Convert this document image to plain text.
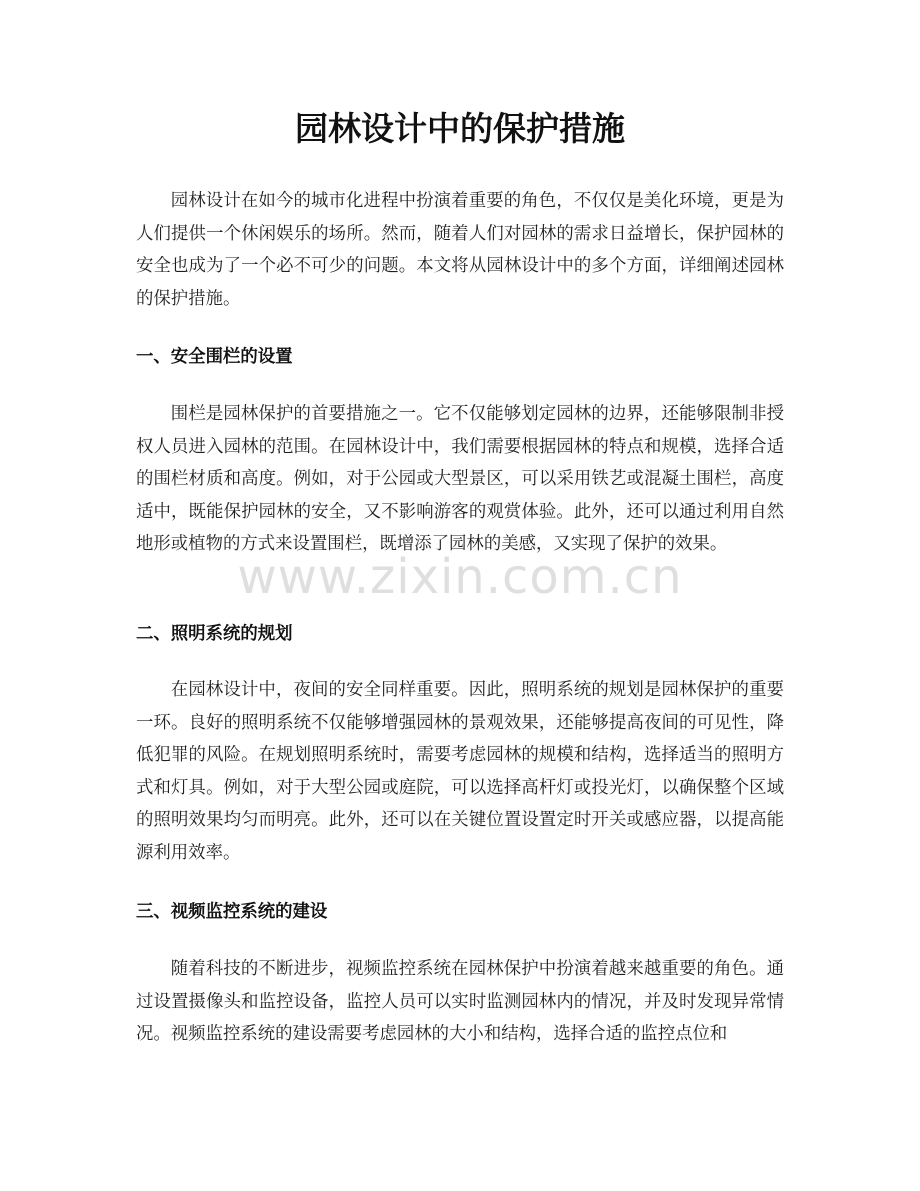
园林设计中的保护措施

园林设计在如今的城市化进程中扮演着重要的角色，不仅仅是美化环境，更是为人们提供一个休闲娱乐的场所。然而，随着人们对园林的需求日益增长，保护园林的安全也成为了一个必不可少的问题。本文将从园林设计中的多个方面，详细阐述园林的保护措施。

一、安全围栏的设置

围栏是园林保护的首要措施之一。它不仅能够划定园林的边界，还能够限制非授权人员进入园林的范围。在园林设计中，我们需要根据园林的特点和规模，选择合适的围栏材质和高度。例如，对于公园或大型景区，可以采用铁艺或混凝土围栏，高度适中，既能保护园林的安全，又不影响游客的观赏体验。此外，还可以通过利用自然地形或植物的方式来设置围栏，既增添了园林的美感，又实现了保护的效果。

二、照明系统的规划

在园林设计中，夜间的安全同样重要。因此，照明系统的规划是园林保护的重要一环。良好的照明系统不仅能够增强园林的景观效果，还能够提高夜间的可见性，降低犯罪的风险。在规划照明系统时，需要考虑园林的规模和结构，选择适当的照明方式和灯具。例如，对于大型公园或庭院，可以选择高杆灯或投光灯，以确保整个区域的照明效果均匀而明亮。此外，还可以在关键位置设置定时开关或感应器，以提高能源利用效率。

三、视频监控系统的建设

随着科技的不断进步，视频监控系统在园林保护中扮演着越来越重要的角色。通过设置摄像头和监控设备，监控人员可以实时监测园林内的情况，并及时发现异常情况。视频监控系统的建设需要考虑园林的大小和结构，选择合适的监控点位和

www.zixin.com.cn
